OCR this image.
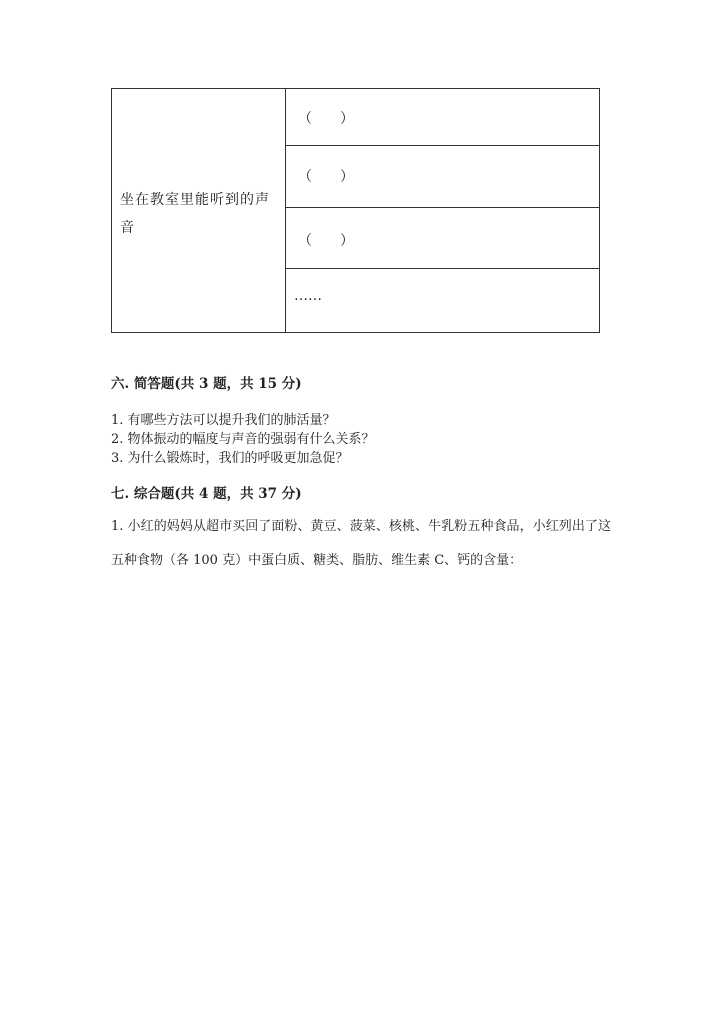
坐在教室里能听到的声音
（　　）
（　　）
（　　）
……
六. 简答题(共 3 题，共 15 分)
1. 有哪些方法可以提升我们的肺活量？
2. 物体振动的幅度与声音的强弱有什么关系？
3. 为什么锻炼时，我们的呼吸更加急促？
七. 综合题(共 4 题，共 37 分)
1. 小红的妈妈从超市买回了面粉、黄豆、菠菜、核桃、牛乳粉五种食品，小红列出了这五种食物（各 100 克）中蛋白质、糖类、脂肪、维生素 C、钙的含量：
